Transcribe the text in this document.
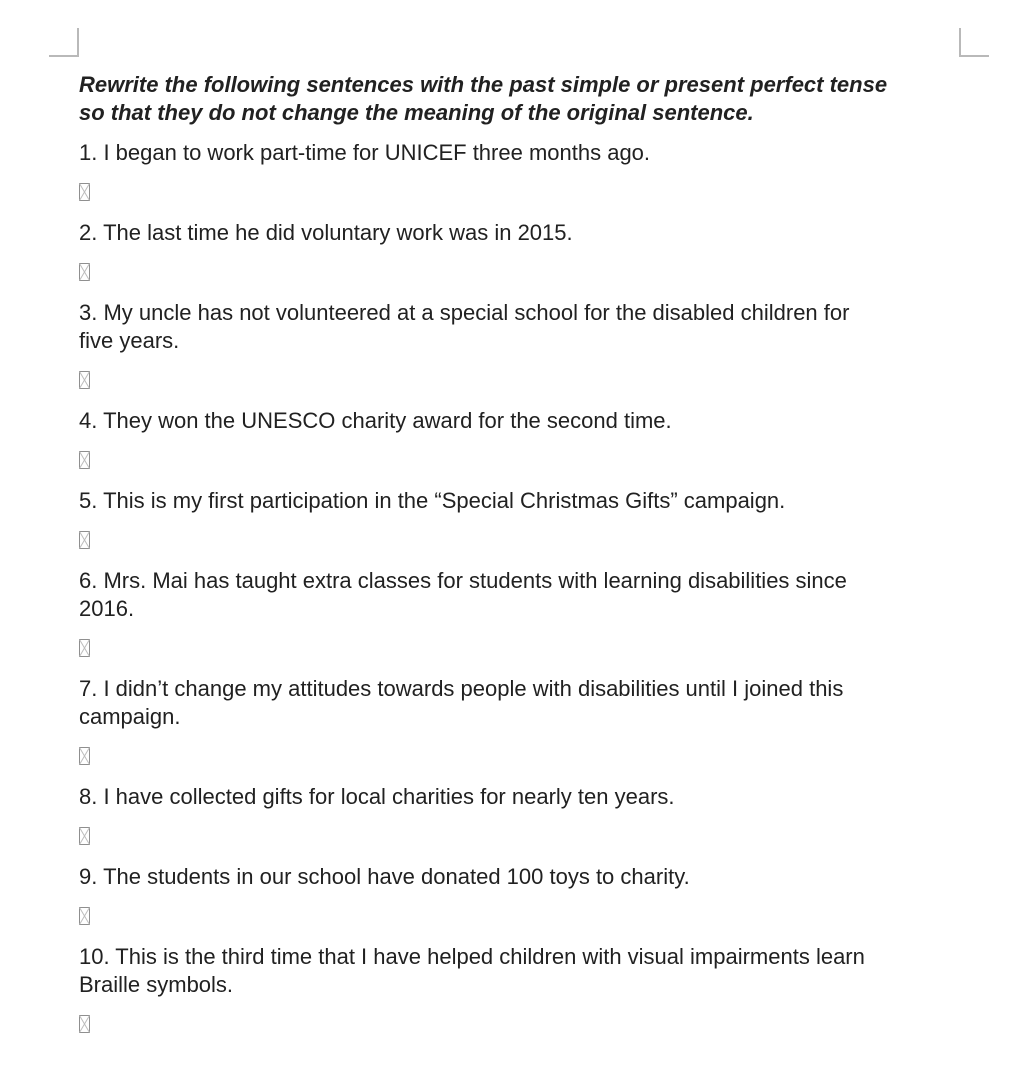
Rewrite the following sentences with the past simple or present perfect tense
so that they do not change the meaning of the original sentence.
1. I began to work part-time for UNICEF three months ago.
2. The last time he did voluntary work was in 2015.
3. My uncle has not volunteered at a special school for the disabled children for
five years.
4. They won the UNESCO charity award for the second time.
5. This is my first participation in the “Special Christmas Gifts” campaign.
6. Mrs. Mai has taught extra classes for students with learning disabilities since
2016.
7. I didn’t change my attitudes towards people with disabilities until I joined this
campaign.
8. I have collected gifts for local charities for nearly ten years.
9. The students in our school have donated 100 toys to charity.
10. This is the third time that I have helped children with visual impairments learn
Braille symbols.
